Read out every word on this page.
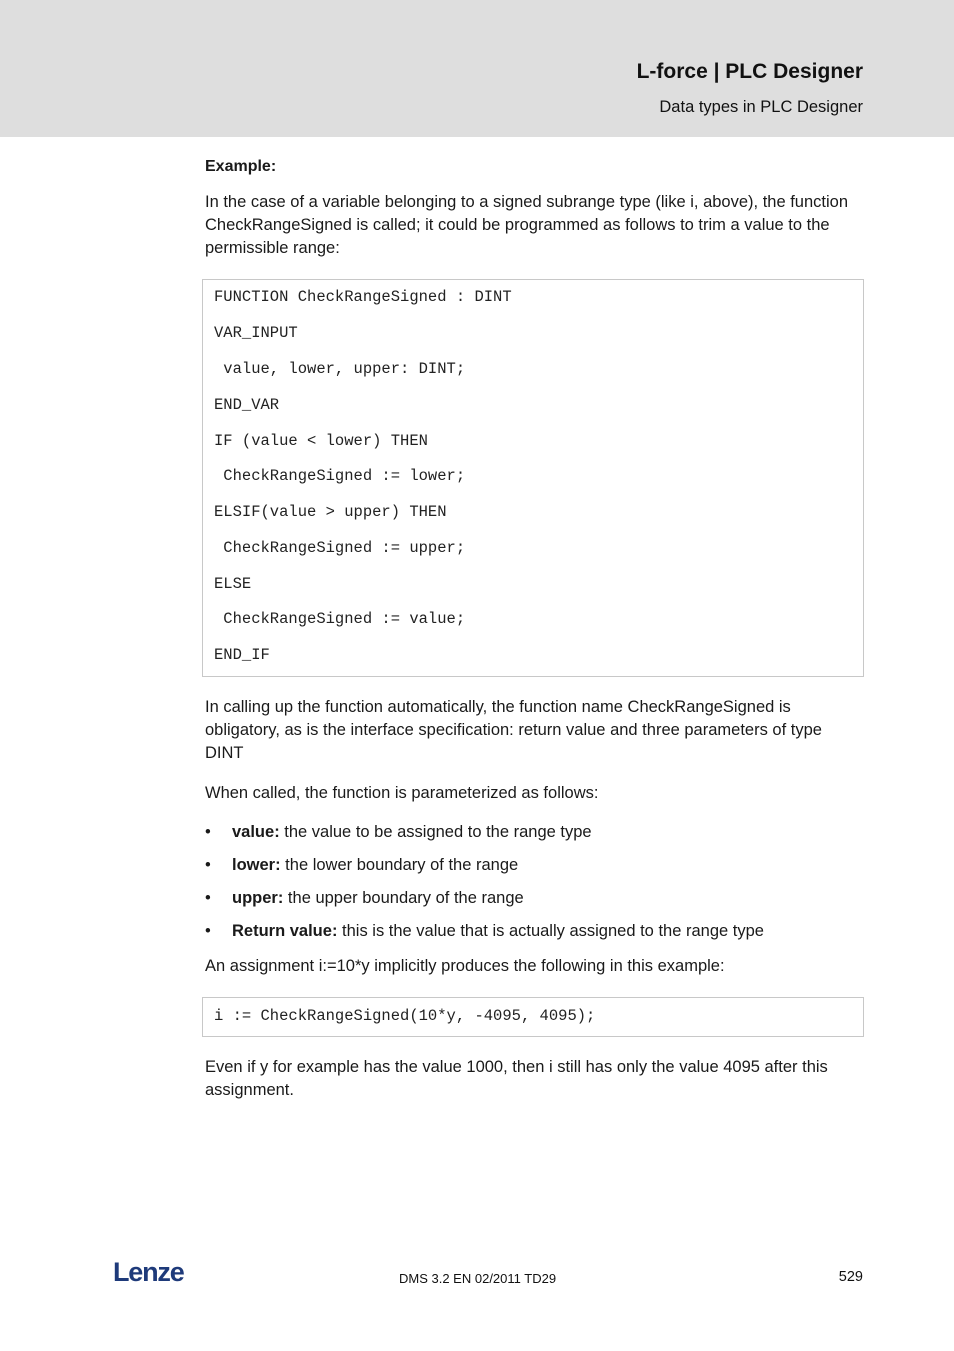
L-force | PLC Designer
Data types in PLC Designer
Example:

In the case of a variable belonging to a signed subrange type (like i, above), the function CheckRangeSigned is called; it could be programmed as follows to trim a value to the permissible range:

FUNCTION CheckRangeSigned : DINT
VAR_INPUT
value, lower, upper: DINT;
END_VAR
IF (value < lower) THEN
CheckRangeSigned := lower;
ELSIF(value > upper) THEN
CheckRangeSigned := upper;
ELSE
CheckRangeSigned := value;
END_IF

In calling up the function automatically, the function name CheckRangeSigned is obligatory, as is the interface specification: return value and three parameters of type DINT

When called, the function is parameterized as follows:

• value: the value to be assigned to the range type
• lower: the lower boundary of the range
• upper: the upper boundary of the range
• Return value: this is the value that is actually assigned to the range type

An assignment i:=10*y implicitly produces the following in this example:

i := CheckRangeSigned(10*y, -4095, 4095);

Even if y for example has the value 1000, then i still has only the value 4095 after this assignment.

Lenze	DMS 3.2 EN 02/2011 TD29	529
